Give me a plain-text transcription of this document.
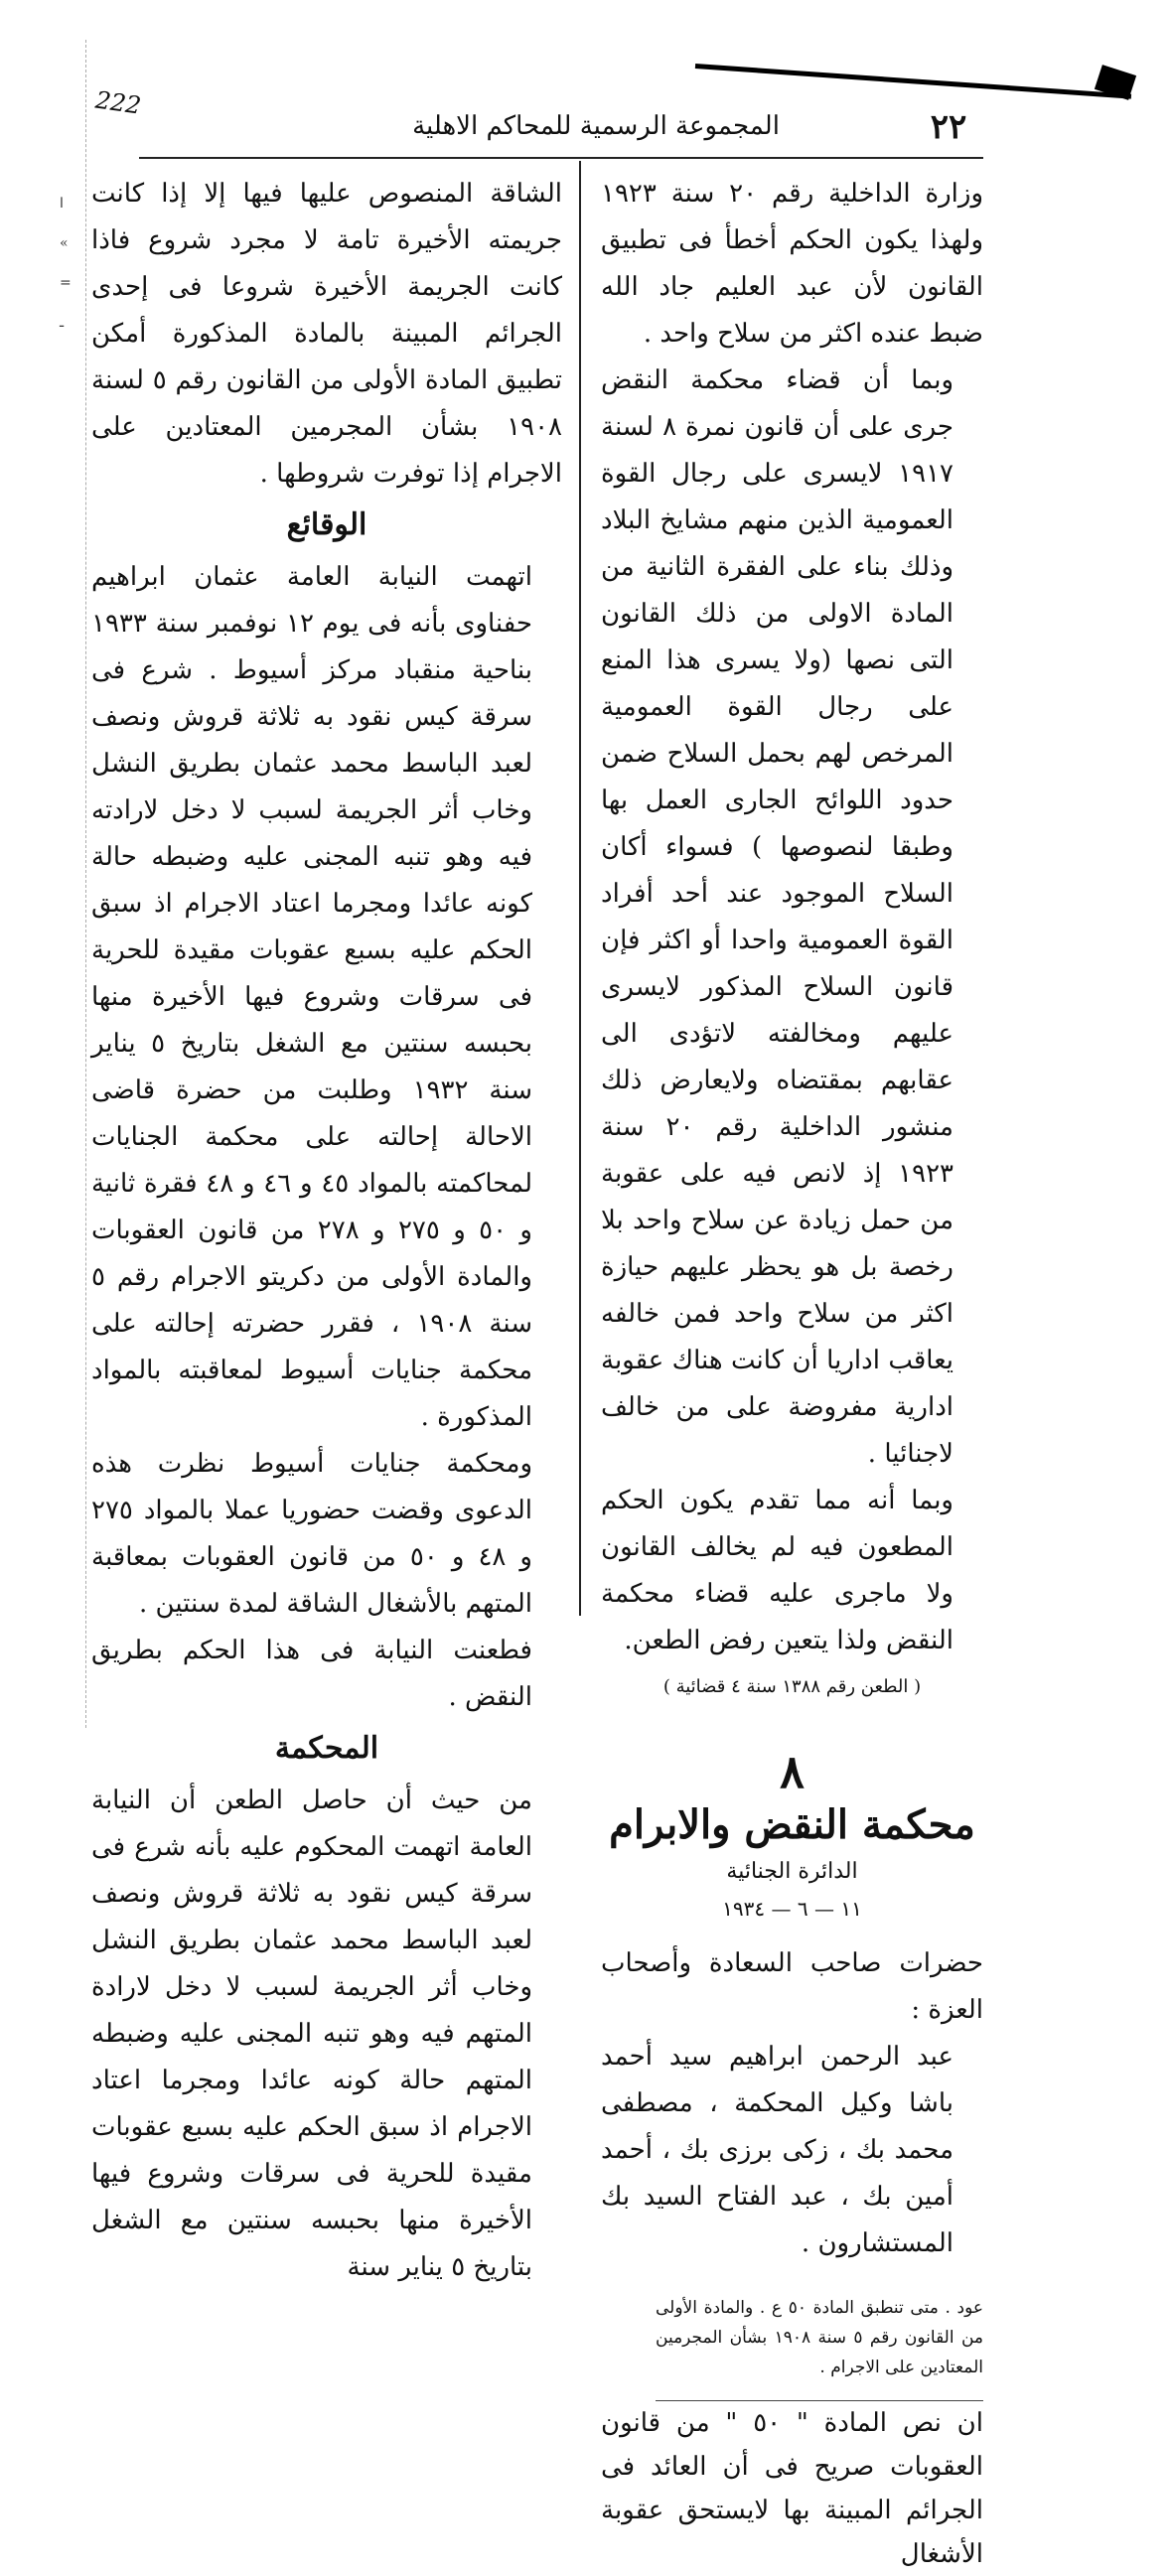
ا
«
=
ـ
222
المجموعة الرسمية للمحاكم الاهلية	٢٢

وزارة الداخلية رقم ٢٠ سنة ١٩٢٣ ولهذا يكون الحكم أخطأ فى تطبيق القانون لأن عبد العليم جاد الله ضبط عنده اكثر من سلاح واحد .

وبما أن قضاء محكمة النقض جرى على أن قانون نمرة ٨ لسنة ١٩١٧ لايسرى على رجال القوة العمومية الذين منهم مشايخ البلاد وذلك بناء على الفقرة الثانية من المادة الاولى من ذلك القانون التى نصها (ولا يسرى هذا المنع على رجال القوة العمومية المرخص لهم بحمل السلاح ضمن حدود اللوائح الجارى العمل بها وطبقا لنصوصها ) فسواء أكان السلاح الموجود عند أحد أفراد القوة العمومية واحدا أو اكثر فإن قانون السلاح المذكور لايسرى عليهم ومخالفته لاتؤدى الى عقابهم بمقتضاه ولايعارض ذلك منشور الداخلية رقم ٢٠ سنة ١٩٢٣ إذ لانص فيه على عقوبة من حمل زيادة عن سلاح واحد بلا رخصة بل هو يحظر عليهم حيازة اكثر من سلاح واحد فمن خالفه يعاقب اداريا أن كانت هناك عقوبة ادارية مفروضة على من خالف لاجنائيا .

وبما أنه مما تقدم يكون الحكم المطعون فيه لم يخالف القانون ولا ماجرى عليه قضاء محكمة النقض ولذا يتعين رفض الطعن.

( الطعن رقم ١٣٨٨ سنة ٤ قضائية )
٨
محكمة النقض والابرام
الدائرة الجنائية
١١ — ٦ — ١٩٣٤

حضرات صاحب السعادة وأصحاب العزة :

عبد الرحمن ابراهيم سيد أحمد باشا وكيل المحكمة ، مصطفى محمد بك ، زكى برزى بك ، أحمد أمين بك ، عبد الفتاح السيد بك المستشارون .

عود . متى تنطبق المادة ٥٠ ع . والمادة الأولى من القانون رقم ٥ سنة ١٩٠٨ بشأن المجرمين المعتادين على الاجرام .

ان نص المادة " ٥٠ " من قانون العقوبات صريح فى أن العائد فى الجرائم المبينة بها لايستحق عقوبة الأشغال

الشاقة المنصوص عليها فيها إلا إذا كانت جريمته الأخيرة تامة لا مجرد شروع فاذا كانت الجريمة الأخيرة شروعا فى إحدى الجرائم المبينة بالمادة المذكورة أمكن تطبيق المادة الأولى من القانون رقم ٥ لسنة ١٩٠٨ بشأن المجرمين المعتادين على الاجرام إذا توفرت شروطها .

الوقائع

اتهمت النيابة العامة عثمان ابراهيم حفناوى بأنه فى يوم ١٢ نوفمبر سنة ١٩٣٣ بناحية منقباد مركز أسيوط . شرع فى سرقة كيس نقود به ثلاثة قروش ونصف لعبد الباسط محمد عثمان بطريق النشل وخاب أثر الجريمة لسبب لا دخل لارادته فيه وهو تنبه المجنى عليه وضبطه حالة كونه عائدا ومجرما اعتاد الاجرام اذ سبق الحكم عليه بسبع عقوبات مقيدة للحرية فى سرقات وشروع فيها الأخيرة منها بحبسه سنتين مع الشغل بتاريخ ٥ يناير سنة ١٩٣٢ وطلبت من حضرة قاضى الاحالة إحالته على محكمة الجنايات لمحاكمته بالمواد ٤٥ و ٤٦ و ٤٨ فقرة ثانية و ٥٠ و ٢٧٥ و ٢٧٨ من قانون العقوبات والمادة الأولى من دكريتو الاجرام رقم ٥ سنة ١٩٠٨ ، فقرر حضرته إحالته على محكمة جنايات أسيوط لمعاقبته بالمواد المذكورة .

ومحكمة جنايات أسيوط نظرت هذه الدعوى وقضت حضوريا عملا بالمواد ٢٧٥ و ٤٨ و ٥٠ من قانون العقوبات بمعاقبة المتهم بالأشغال الشاقة لمدة سنتين .

فطعنت النيابة فى هذا الحكم بطريق النقض .

المحكمة

من حيث أن حاصل الطعن أن النيابة العامة اتهمت المحكوم عليه بأنه شرع فى سرقة كيس نقود به ثلاثة قروش ونصف لعبد الباسط محمد عثمان بطريق النشل وخاب أثر الجريمة لسبب لا دخل لارادة المتهم فيه وهو تنبه المجنى عليه وضبطه المتهم حالة كونه عائدا ومجرما اعتاد الاجرام اذ سبق الحكم عليه بسبع عقوبات مقيدة للحرية فى سرقات وشروع فيها الأخيرة منها بحبسه سنتين مع الشغل بتاريخ ٥ يناير سنة
